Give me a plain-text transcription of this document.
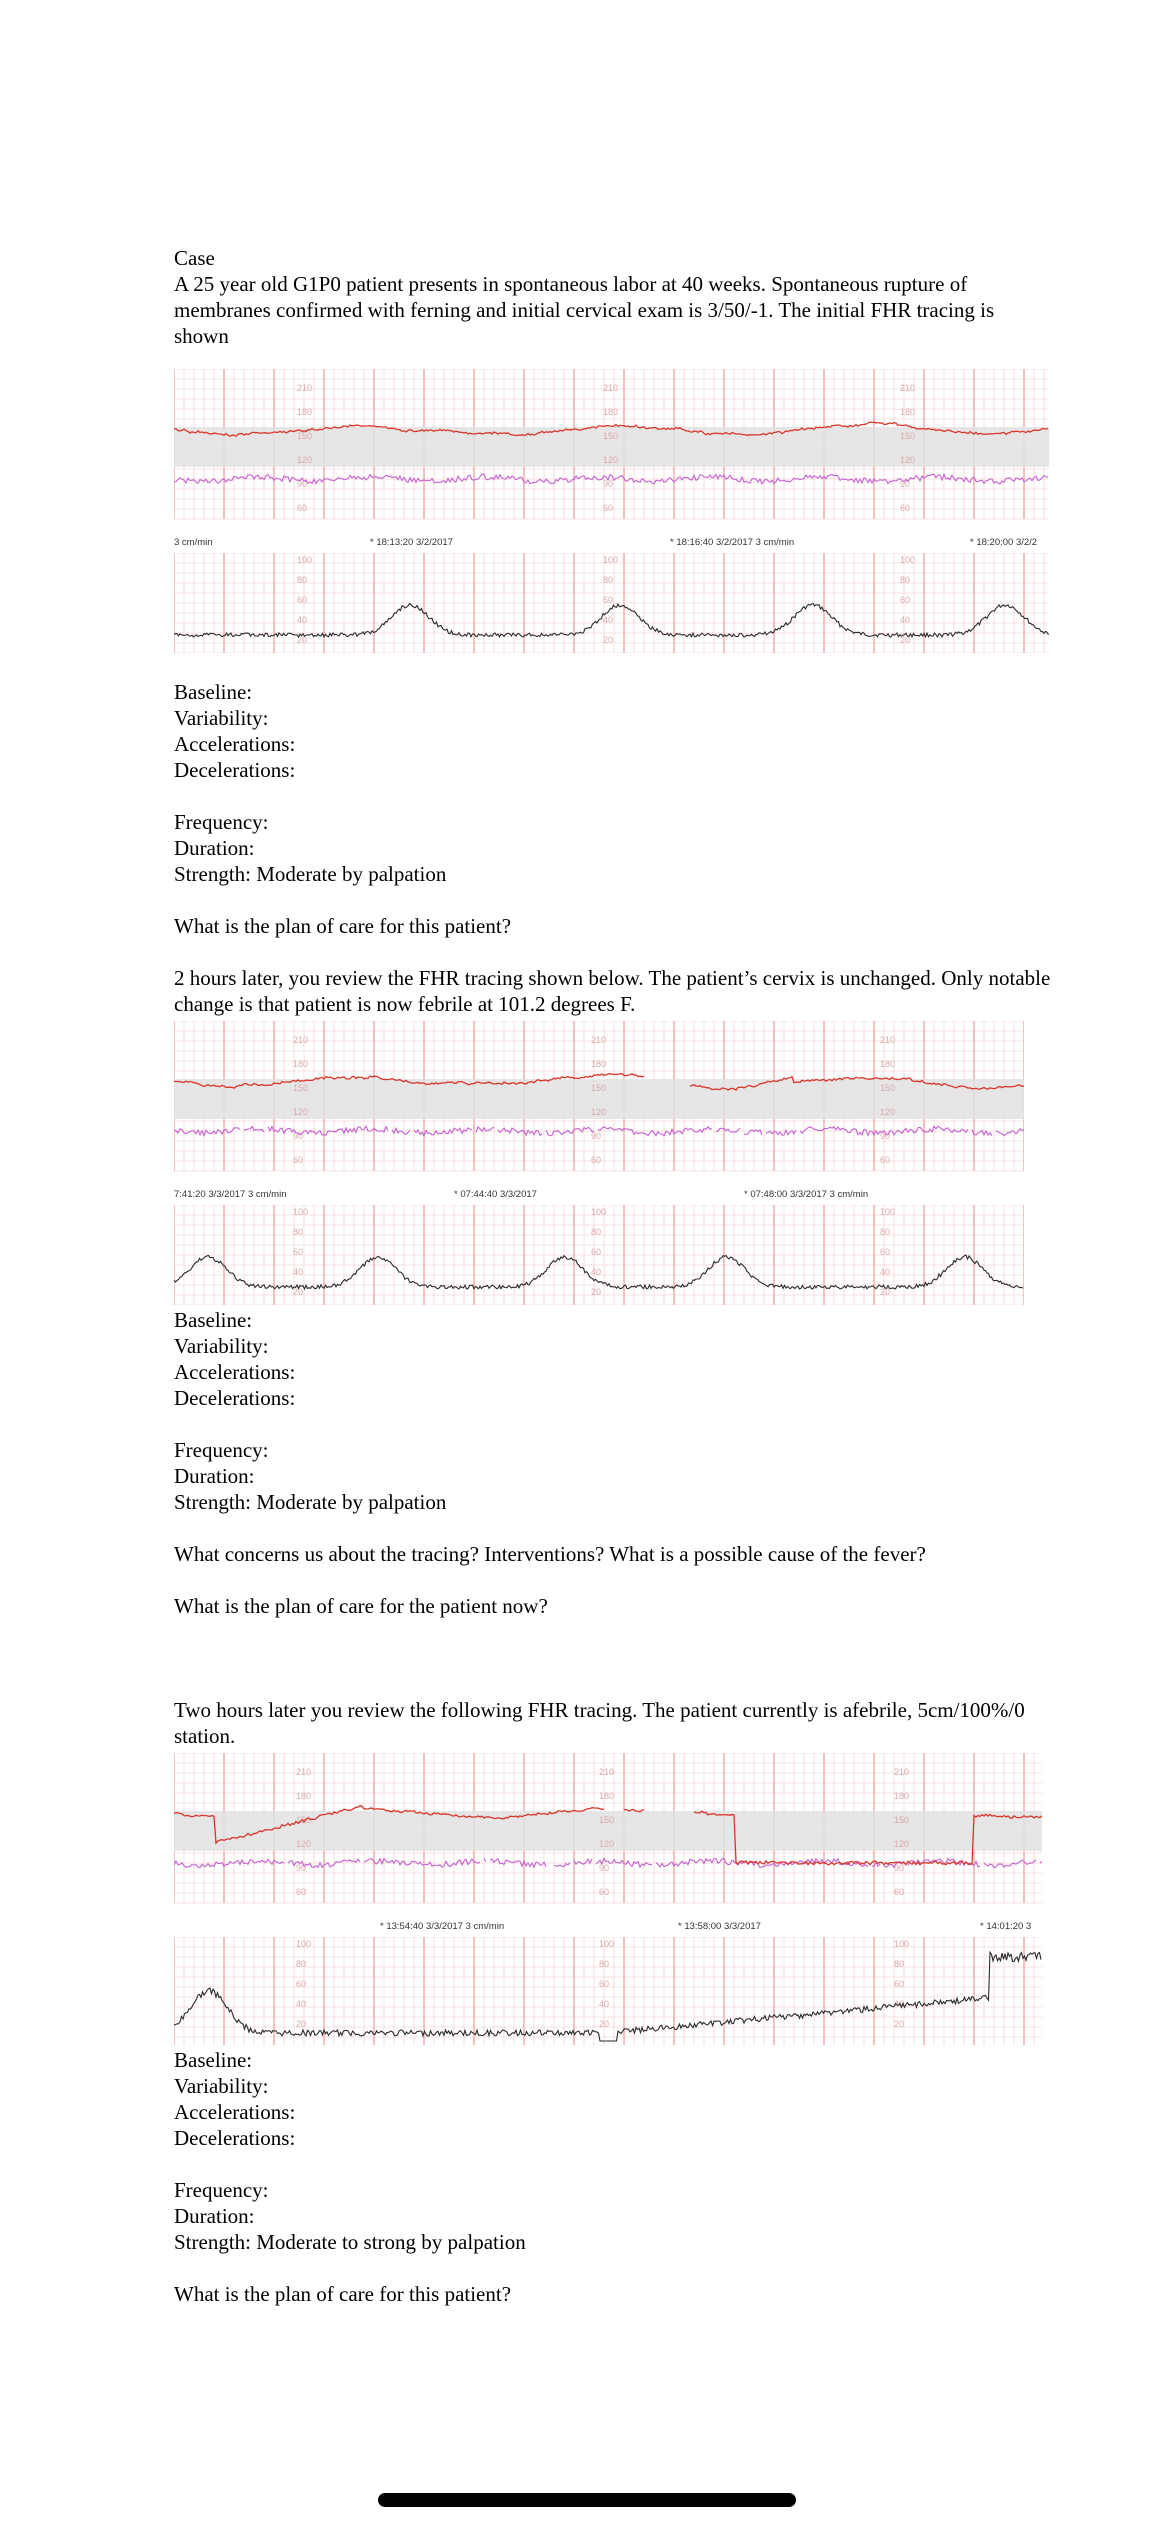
Case

A 25 year old G1P0 patient presents in spontaneous labor at 40 weeks. Spontaneous rupture of membranes confirmed with ferning and initial cervical exam is 3/50/-1. The initial FHR tracing is shown

210
180
150
120
90
60
210
180
150
120
90
60
210
180
150
120
90
60
3 cm/min	* 18:13:20 3/2/2017	* 18:16:40 3/2/2017 3 cm/min	* 18:20:00 3/2/2
100
80
60
40
20
100
80
60
40
20
100
80
60
40
20

Baseline:

Variability:

Accelerations:

Decelerations:

Frequency:

Duration:

Strength: Moderate by palpation

What is the plan of care for this patient?

2 hours later, you review the FHR tracing shown below. The patient’s cervix is unchanged. Only notable change is that patient is now febrile at 101.2 degrees F.

210
180
150
120
90
60
210
180
150
120
90
60
210
180
150
120
90
60
7:41:20 3/3/2017 3 cm/min	* 07:44:40 3/3/2017	* 07:48:00 3/3/2017 3 cm/min
100
80
60
40
20
100
80
60
40
20
100
80
60
40
20

Baseline:

Variability:

Accelerations:

Decelerations:

Frequency:

Duration:

Strength: Moderate by palpation

What concerns us about the tracing? Interventions? What is a possible cause of the fever?

What is the plan of care for the patient now?

Two hours later you review the following FHR tracing. The patient currently is afebrile, 5cm/100%/0 station.

210
180
150
120
90
60
210
180
150
120
90
60
210
180
150
120
90
60
* 13:54:40 3/3/2017 3 cm/min	* 13:58:00 3/3/2017	* 14:01:20 3
100
80
60
40
20
100
80
60
40
20
100
80
60
40
20

Baseline:

Variability:

Accelerations:

Decelerations:

Frequency:

Duration:

Strength: Moderate to strong by palpation

What is the plan of care for this patient?
